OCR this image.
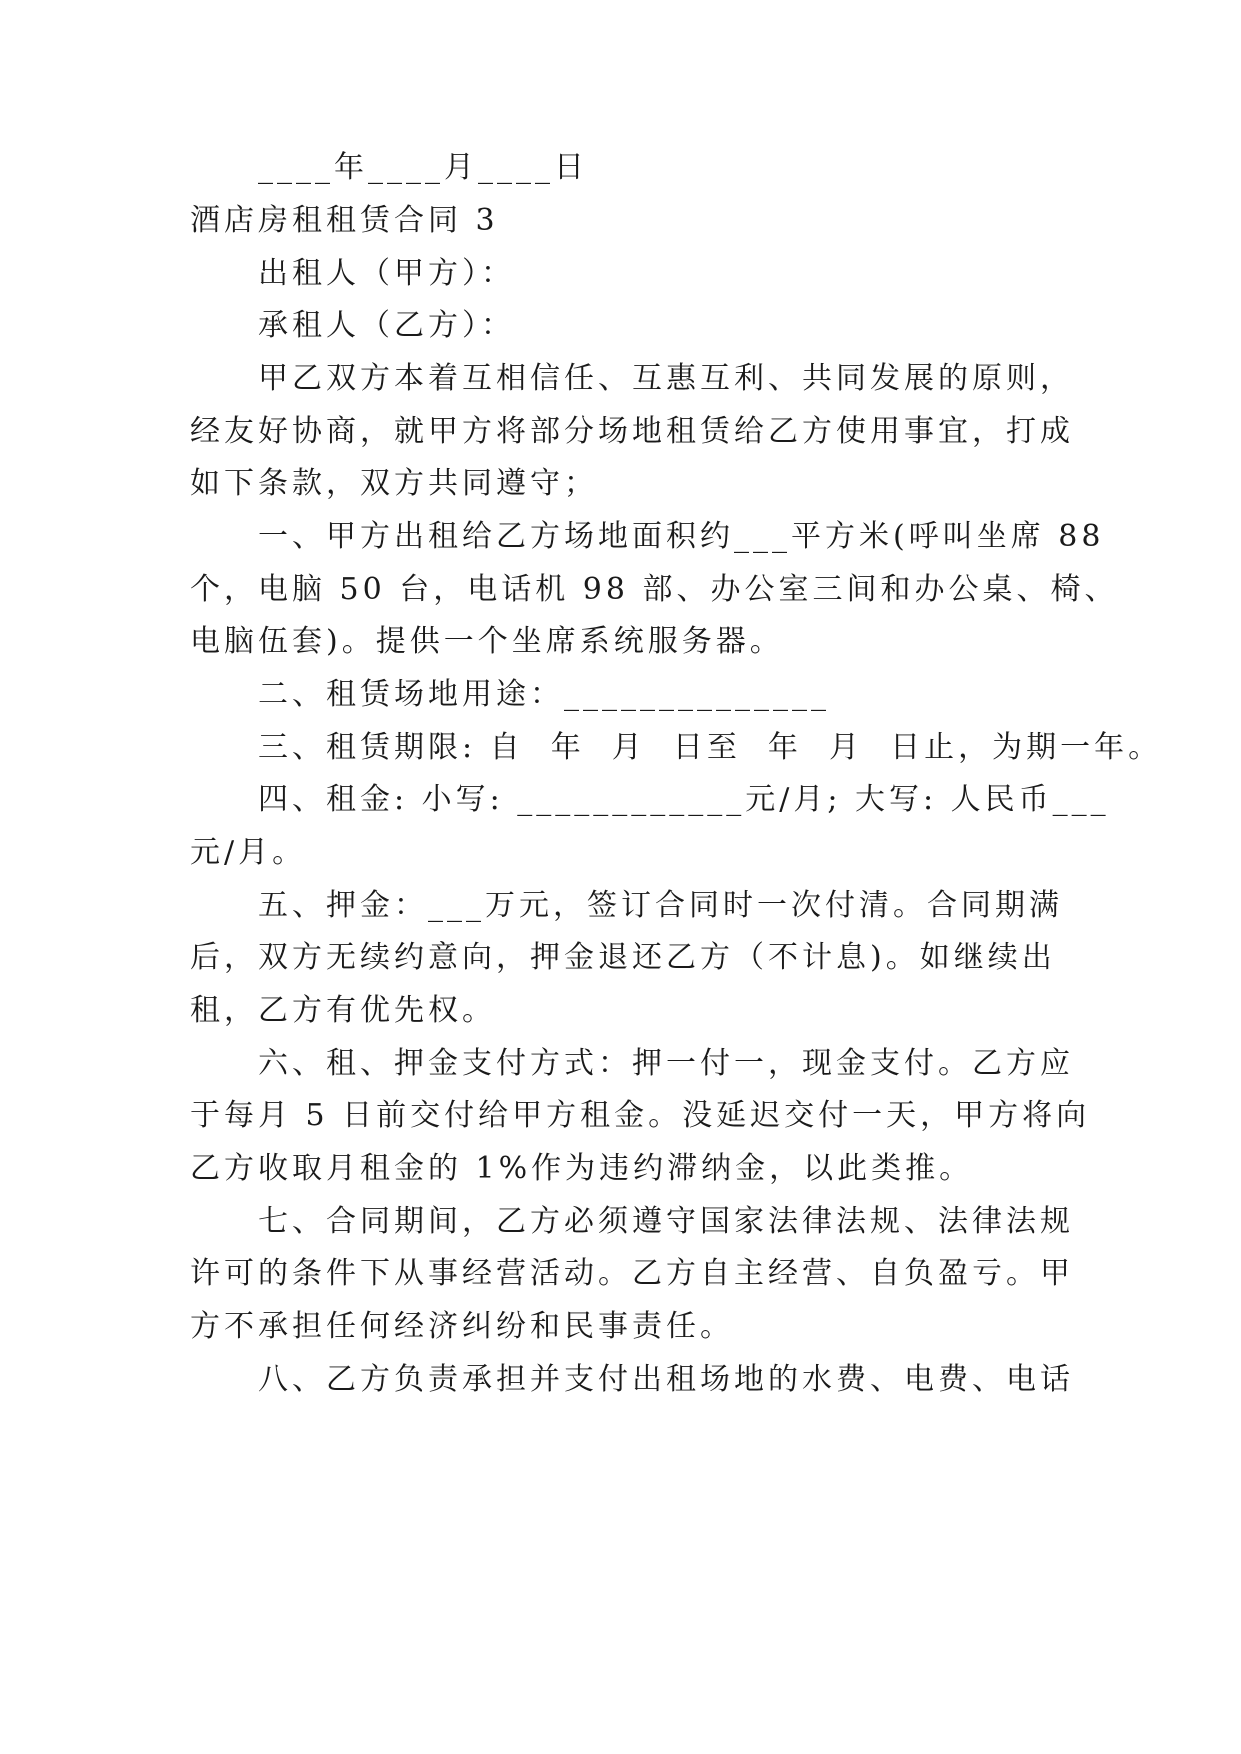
____年____月____日
酒店房租租赁合同 3
出租人（甲方）：
承租人（乙方）：
甲乙双方本着互相信任、互惠互利、共同发展的原则，
经友好协商，就甲方将部分场地租赁给乙方使用事宜，打成
如下条款，双方共同遵守；
一、甲方出租给乙方场地面积约___平方米(呼叫坐席 88
个，电脑 50 台，电话机 98 部、办公室三间和办公桌、椅、
电脑伍套)。提供一个坐席系统服务器。
二、租赁场地用途：______________
三、租赁期限: 自  年  月  日至  年  月  日止，为期一年。
四、租金: 小写: ____________元/月; 大写: 人民币___
元/月。
五、押金：___万元，签订合同时一次付清。合同期满
后，双方无续约意向，押金退还乙方（不计息)。如继续出
租，乙方有优先权。
六、租、押金支付方式：押一付一，现金支付。乙方应
于每月 5 日前交付给甲方租金。没延迟交付一天，甲方将向
乙方收取月租金的 1%作为违约滞纳金，以此类推。
七、合同期间，乙方必须遵守国家法律法规、法律法规
许可的条件下从事经营活动。乙方自主经营、自负盈亏。甲
方不承担任何经济纠纷和民事责任。
八、乙方负责承担并支付出租场地的水费、电费、电话
